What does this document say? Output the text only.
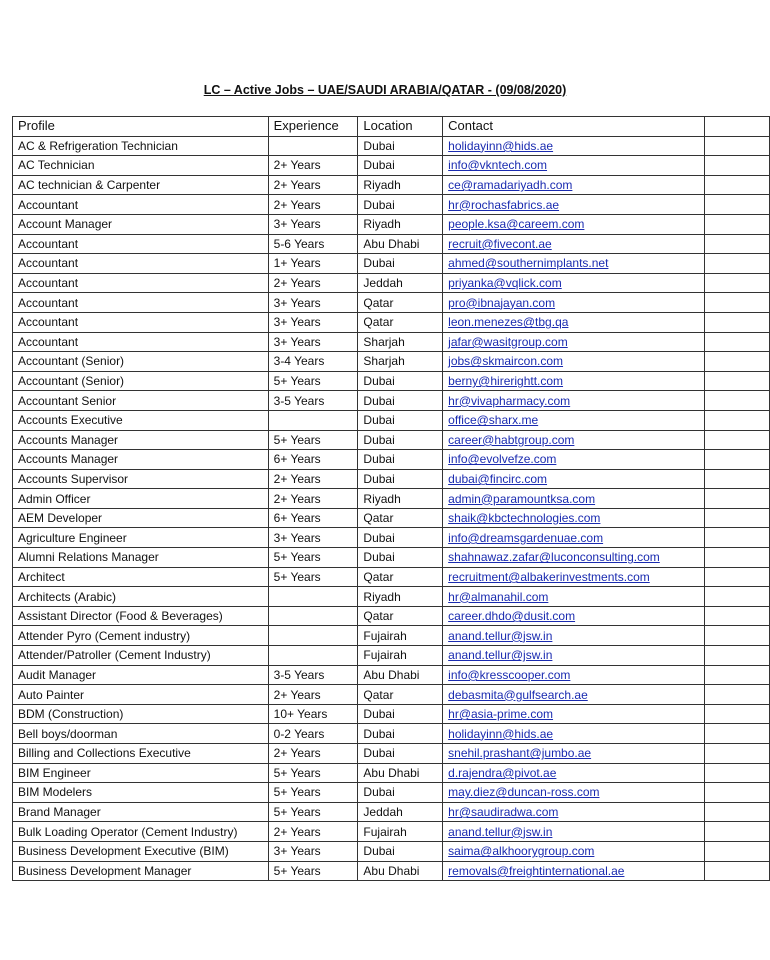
LC – Active Jobs – UAE/SAUDI ARABIA/QATAR - (09/08/2020)
Profile	Experience	Location	Contact	
AC & Refrigeration Technician		Dubai	holidayinn@hids.ae	
AC Technician	2+ Years	Dubai	info@vkntech.com	
AC technician & Carpenter	2+ Years	Riyadh	ce@ramadariyadh.com	
Accountant	2+ Years	Dubai	hr@rochasfabrics.ae	
Account Manager	3+ Years	Riyadh	people.ksa@careem.com	
Accountant	5-6 Years	Abu Dhabi	recruit@fivecont.ae	
Accountant	1+ Years	Dubai	ahmed@southernimplants.net	
Accountant	2+ Years	Jeddah	priyanka@vqlick.com	
Accountant	3+ Years	Qatar	pro@ibnajayan.com	
Accountant	3+ Years	Qatar	leon.menezes@tbg.qa	
Accountant	3+ Years	Sharjah	jafar@wasitgroup.com	
Accountant (Senior)	3-4 Years	Sharjah	jobs@skmaircon.com	
Accountant (Senior)	5+ Years	Dubai	berny@hirerightt.com	
Accountant Senior	3-5 Years	Dubai	hr@vivapharmacy.com	
Accounts Executive		Dubai	office@sharx.me	
Accounts Manager	5+ Years	Dubai	career@habtgroup.com	
Accounts Manager	6+ Years	Dubai	info@evolvefze.com	
Accounts Supervisor	2+ Years	Dubai	dubai@fincirc.com	
Admin Officer	2+ Years	Riyadh	admin@paramountksa.com	
AEM Developer	6+ Years	Qatar	shaik@kbctechnologies.com	
Agriculture Engineer	3+ Years	Dubai	info@dreamsgardenuae.com	
Alumni Relations Manager	5+ Years	Dubai	shahnawaz.zafar@luconconsulting.com	
Architect	5+ Years	Qatar	recruitment@albakerinvestments.com	
Architects (Arabic)		Riyadh	hr@almanahil.com	
Assistant Director (Food & Beverages)		Qatar	career.dhdo@dusit.com	
Attender Pyro (Cement industry)		Fujairah	anand.tellur@jsw.in	
Attender/Patroller (Cement Industry)		Fujairah	anand.tellur@jsw.in	
Audit Manager	3-5 Years	Abu Dhabi	info@kresscooper.com	
Auto Painter	2+ Years	Qatar	debasmita@gulfsearch.ae	
BDM (Construction)	10+ Years	Dubai	hr@asia-prime.com	
Bell boys/doorman	0-2 Years	Dubai	holidayinn@hids.ae	
Billing and Collections Executive	2+ Years	Dubai	snehil.prashant@jumbo.ae	
BIM Engineer	5+ Years	Abu Dhabi	d.rajendra@pivot.ae	
BIM Modelers	5+ Years	Dubai	may.diez@duncan-ross.com	
Brand Manager	5+ Years	Jeddah	hr@saudiradwa.com	
Bulk Loading Operator (Cement Industry)	2+ Years	Fujairah	anand.tellur@jsw.in	
Business Development Executive (BIM)	3+ Years	Dubai	saima@alkhoorygroup.com	
Business Development Manager	5+ Years	Abu Dhabi	removals@freightinternational.ae	
